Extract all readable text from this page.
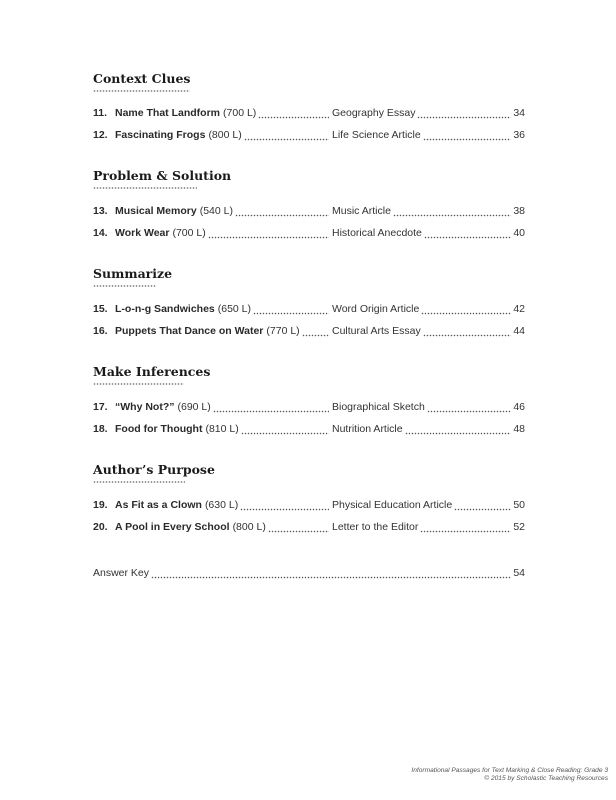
Context Clues
11. Name That Landform (700 L)	Geography Essay	34
12. Fascinating Frogs (800 L)	Life Science Article	36
Problem & Solution
13. Musical Memory (540 L)	Music Article	38
14. Work Wear (700 L)	Historical Anecdote	40
Summarize
15. L-o-n-g Sandwiches (650 L)	Word Origin Article	42
16. Puppets That Dance on Water (770 L)	Cultural Arts Essay	44
Make Inferences
17. “Why Not?” (690 L)	Biographical Sketch	46
18. Food for Thought (810 L)	Nutrition Article	48
Author’s Purpose
19. As Fit as a Clown (630 L)	Physical Education Article	50
20. A Pool in Every School (800 L)	Letter to the Editor	52
Answer Key	54
Informational Passages for Text Marking & Close Reading: Grade 3
© 2015 by Scholastic Teaching Resources
